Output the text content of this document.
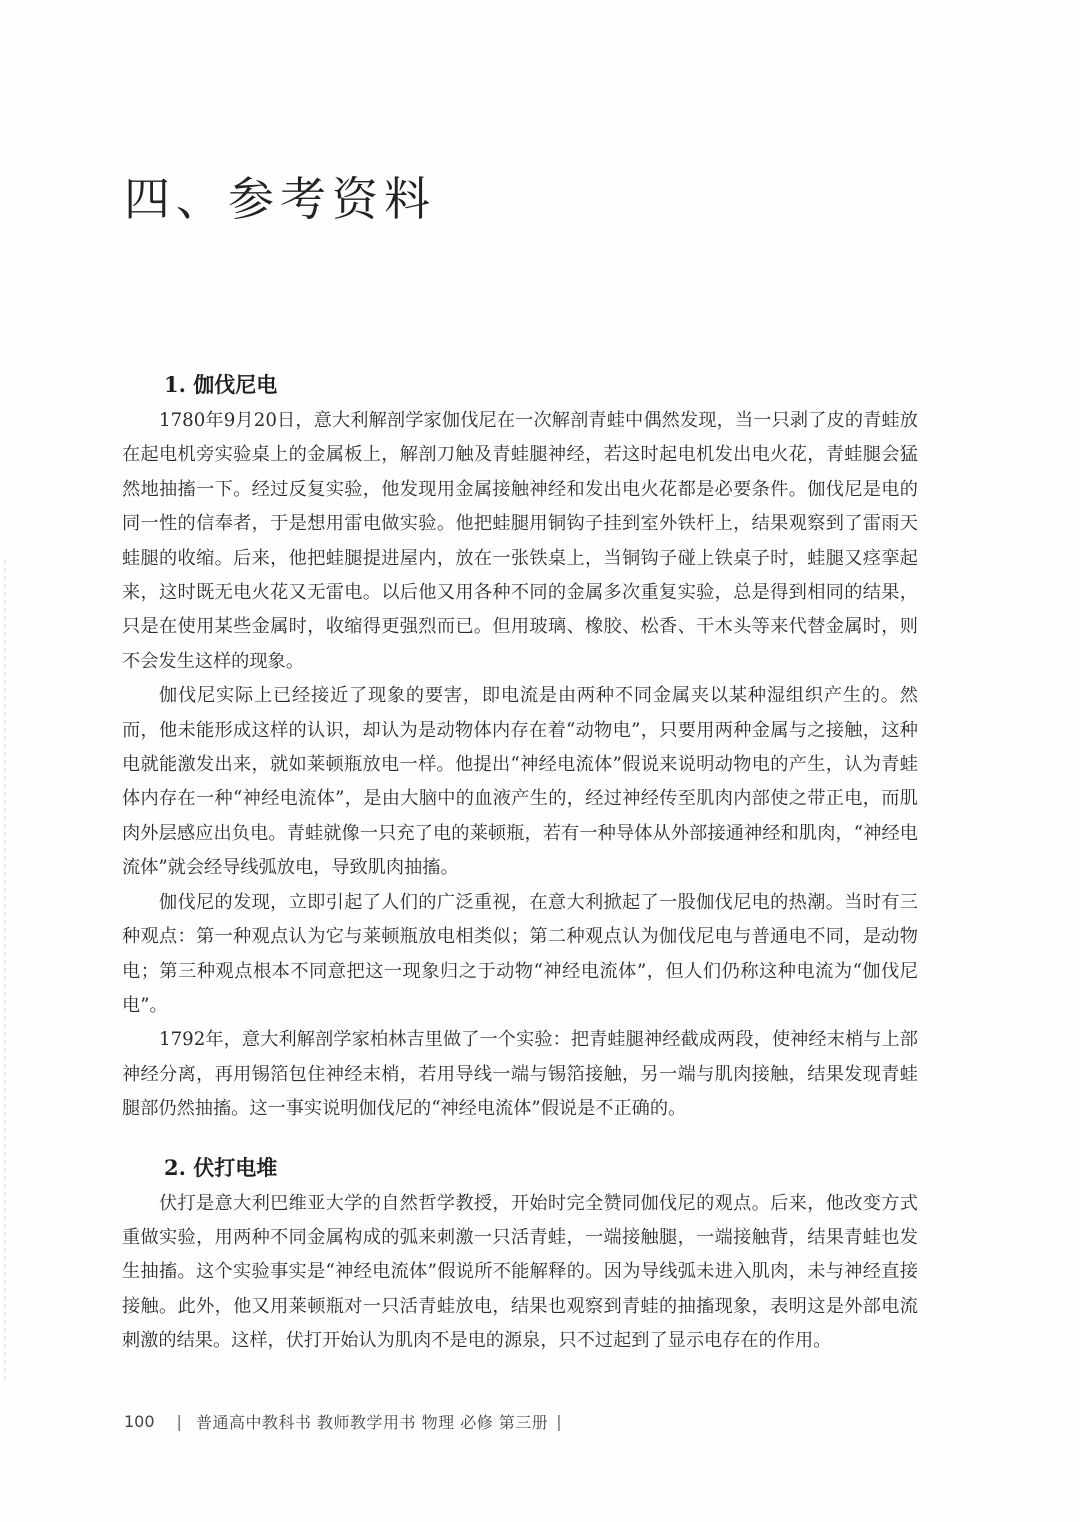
四、参考资料
1. 伽伐尼电

1780年9月20日，意大利解剖学家伽伐尼在一次解剖青蛙中偶然发现，当一只剥了皮的青蛙放在起电机旁实验桌上的金属板上，解剖刀触及青蛙腿神经，若这时起电机发出电火花，青蛙腿会猛然地抽搐一下。经过反复实验，他发现用金属接触神经和发出电火花都是必要条件。伽伐尼是电的同一性的信奉者，于是想用雷电做实验。他把蛙腿用铜钩子挂到室外铁杆上，结果观察到了雷雨天蛙腿的收缩。后来，他把蛙腿提进屋内，放在一张铁桌上，当铜钩子碰上铁桌子时，蛙腿又痉挛起来，这时既无电火花又无雷电。以后他又用各种不同的金属多次重复实验，总是得到相同的结果，只是在使用某些金属时，收缩得更强烈而已。但用玻璃、橡胶、松香、干木头等来代替金属时，则不会发生这样的现象。

伽伐尼实际上已经接近了现象的要害，即电流是由两种不同金属夹以某种湿组织产生的。然而，他未能形成这样的认识，却认为是动物体内存在着“动物电”，只要用两种金属与之接触，这种电就能激发出来，就如莱顿瓶放电一样。他提出“神经电流体”假说来说明动物电的产生，认为青蛙体内存在一种“神经电流体”，是由大脑中的血液产生的，经过神经传至肌肉内部使之带正电，而肌肉外层感应出负电。青蛙就像一只充了电的莱顿瓶，若有一种导体从外部接通神经和肌肉，“神经电流体”就会经导线弧放电，导致肌肉抽搐。

伽伐尼的发现，立即引起了人们的广泛重视，在意大利掀起了一股伽伐尼电的热潮。当时有三种观点：第一种观点认为它与莱顿瓶放电相类似；第二种观点认为伽伐尼电与普通电不同，是动物电；第三种观点根本不同意把这一现象归之于动物“神经电流体”，但人们仍称这种电流为“伽伐尼电”。

1792年，意大利解剖学家柏林吉里做了一个实验：把青蛙腿神经截成两段，使神经末梢与上部神经分离，再用锡箔包住神经末梢，若用导线一端与锡箔接触，另一端与肌肉接触，结果发现青蛙腿部仍然抽搐。这一事实说明伽伐尼的“神经电流体”假说是不正确的。

2. 伏打电堆

伏打是意大利巴维亚大学的自然哲学教授，开始时完全赞同伽伐尼的观点。后来，他改变方式重做实验，用两种不同金属构成的弧来刺激一只活青蛙，一端接触腿，一端接触背，结果青蛙也发生抽搐。这个实验事实是“神经电流体”假说所不能解释的。因为导线弧未进入肌肉，未与神经直接接触。此外，他又用莱顿瓶对一只活青蛙放电，结果也观察到青蛙的抽搐现象，表明这是外部电流刺激的结果。这样，伏打开始认为肌肉不是电的源泉，只不过起到了显示电存在的作用。

100 | 普通高中教科书 教师教学用书 物理 必修 第三册 |
